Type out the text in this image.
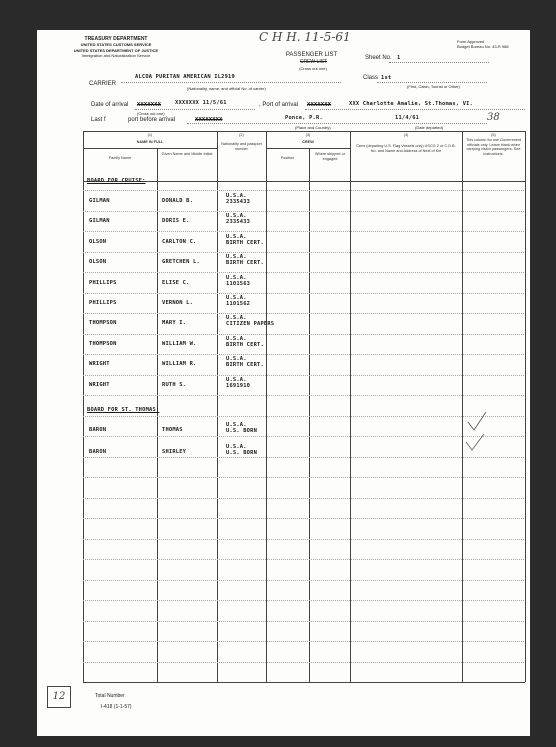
TREASURY DEPARTMENT
UNITED STATES CUSTOMS SERVICE
UNITED STATES DEPARTMENT OF JUSTICE
Immigration and Naturalization Service
C H H. 11-5-61
PASSENGER LIST
CREW LIST
(Cross out one)
Form Approved
Budget Bureau No. 43-R 986
Sheet No. 1
Class 1st
(First, Cabin, Tourist or Other)
ALCOA PURITAN AMERICAN IL2919
CARRIER
(Nationality, name, and official No. of carrier)
Date of arrival XXXXXXX	XXXXXXX 11/5/61
(Cross out one)
, Port of arrival XXXXXXX	XXX Charlotte Amalie, St.Thomas, VI.
Last f	port before arrival	XXXXXXXX	Ponce, P.R.	11/4/61	38
(Place and Country)	(Date departed)
(1)
NAME IN FULL
Family Name
Given Name and Middle Initial
(2)
Nationality and passport number
(3)
CREW
Position
Where shipped or engaged
(4)
Crew (departing U.S. Flag Vessels only) USCG Z or C.D.B. No. and Name and Address of Next of Kin
(5)
This column for use Government officials only. Leave blank when carrying visitor passengers. See instructions.
BOARD FOR CRUISE:
GILMAN	DONALD B.
U.S.A.
2335433
GILMAN	DORIS E.
U.S.A.
2335433
OLSON	CARLTON C.
U.S.A.
BIRTH CERT.
OLSON	GRETCHEN L.
U.S.A.
BIRTH CERT.
PHILLIPS	ELISE C.
U.S.A.
1101563
PHILLIPS	VERNON L.
U.S.A.
1101562
THOMPSON	MARY I.
U.S.A.
CITIZEN PAPERS
THOMPSON	WILLIAM W.
U.S.A.
BIRTH CERT.
WRIGHT	WILLIAM R.
U.S.A.
BIRTH CERT.
WRIGHT	RUTH S.
U.S.A.
1691910
BOARD FOR ST. THOMAS:
BARON	THOMAS
U.S.A.
U.S. BORN
BARON	SHIRLEY
U.S.A.
U.S. BORN
12	Total Number
I-418 (1-1-57)
